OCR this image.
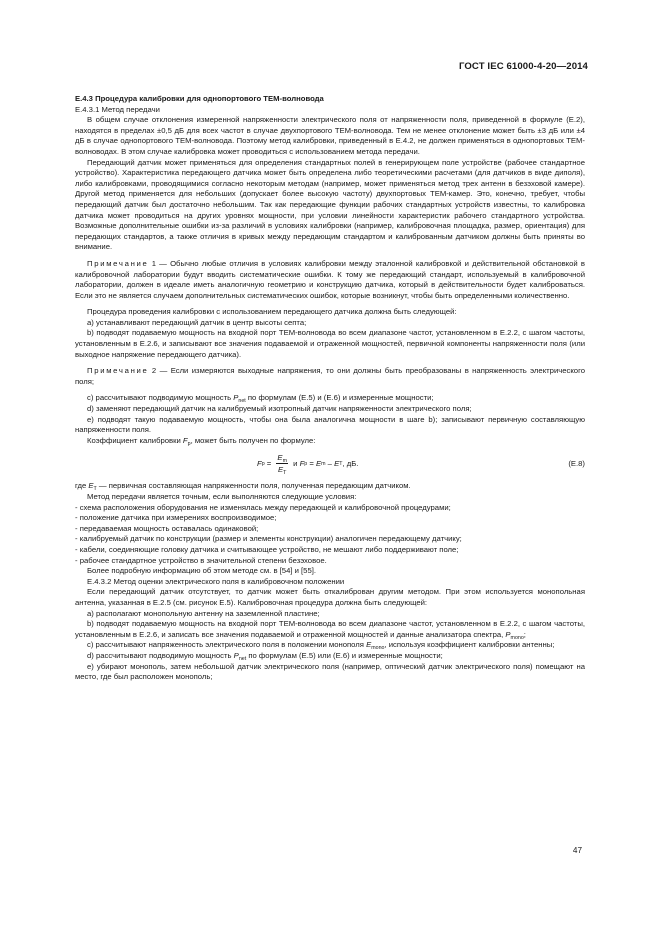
ГОСТ IEC 61000-4-20—2014

Е.4.3 Процедура калибровки для однопортового ТЕМ-волновода

Е.4.3.1 Метод передачи

В общем случае отклонения измеренной напряженности электрического поля от напряженности поля, приведенной в формуле (Е.2), находятся в пределах ±0,5 дБ для всех частот в случае двухпортового ТЕМ-волновода. Тем не менее отклонение может быть ±3 дБ или ±4 дБ в случае однопортового ТЕМ-волновода. Поэтому метод калибровки, приведенный в Е.4.2, не должен применяться в однопортовых ТЕМ-волноводах. В этом случае калибровка может проводиться с использованием метода передачи.

Передающий датчик может применяться для определения стандартных полей в генерирующем поле устройстве (рабочее стандартное устройство). Характеристика передающего датчика может быть определена либо теоретическими расчетами (для датчиков в виде диполя), либо калибровками, проводящимися согласно некоторым методам (например, может применяться метод трех антенн в безэховой камере). Другой метод применяется для небольших (допускает более высокую частоту) двухпортовых ТЕМ-камер. Это, конечно, требует, чтобы передающий датчик был достаточно небольшим. Так как передающие функции рабочих стандартных устройств известны, то калибровка датчика может проводиться на других уровнях мощности, при условии линейности характеристик рабочего стандартного устройства. Возможные дополнительные ошибки из-за различий в условиях калибровки (например, калибровочная площадка, размер, ориентация) для передающих стандартов, а также отличия в кривых между передающим стандартом и калиброванным датчиком должны быть приняты во внимание.

Примечание 1 — Обычно любые отличия в условиях калибровки между эталонной калибровкой и действительной обстановкой в калибровочной лаборатории будут вводить систематические ошибки. К тому же передающий стандарт, используемый в калибровочной лаборатории, должен в идеале иметь аналогичную геометрию и конструкцию датчика, который в действительности будет калиброваться. Если это не является случаем дополнительных систематических ошибок, которые возникнут, чтобы быть определенными количественно.

Процедура проведения калибровки с использованием передающего датчика должна быть следующей:

а) устанавливают передающий датчик в центр высоты септа;

b) подводят подаваемую мощность на входной порт ТЕМ-волновода во всем диапазоне частот, установленном в Е.2.2, с шагом частоты, установленным в Е.2.6, и записывают все значения подаваемой и отраженной мощностей, первичной компоненты напряженности поля (или выходное напряжение передающего датчика).

Примечание 2 — Если измеряются выходные напряжения, то они должны быть преобразованы в напряженность электрического поля;

с) рассчитывают подводимую мощность $P_{net}$ по формулам (Е.5) и (Е.6) и измеренные мощности;

d) заменяют передающий датчик на калибруемый изотропный датчик напряженности электрического поля;

е) подводят такую подаваемую мощность, чтобы она была аналогична мощности в шаге b); записывают первичную составляющую напряженности поля.

Коэффициент калибровки $F_p$, может быть получен по формуле:

F $p = \frac{E_m}{E_T}$ и F p = E m – E T , дБ.	(Е.8)

где $E_T$ — первичная составляющая напряженности поля, полученная передающим датчиком.

Метод передачи является точным, если выполняются следующие условия:

- схема расположения оборудования не изменялась между передающей и калибровочной процедурами;

- положение датчика при измерениях воспроизводимое;

- передаваемая мощность оставалась одинаковой;

- калибруемый датчик по конструкции (размер и элементы конструкции) аналогичен передающему датчику;

- кабели, соединяющие головку датчика и считывающее устройство, не мешают либо поддерживают поле;

- рабочее стандартное устройство в значительной степени безэховое.

Более подробную информацию об этом методе см. в [54] и [55].

Е.4.3.2 Метод оценки электрического поля в калибровочном положении

Если передающий датчик отсутствует, то датчик может быть откалиброван другим методом. При этом используется монопольная антенна, указанная в Е.2.5 (см. рисунок Е.5). Калибровочная процедура должна быть следующей:

а) располагают монопольную антенну на заземленной пластине;

b) подводят подаваемую мощность на входной порт ТЕМ-волновода во всем диапазоне частот, установленном в Е.2.2, с шагом частоты, установленным в Е.2.6, и записать все значения подаваемой и отраженной мощностей и данные анализатора спектра, $P_{mono}$;

с) рассчитывают напряженность электрического поля в положении монополя $E_{mono}$, используя коэффициент калибровки антенны;

d) рассчитывают подводимую мощность $P_{net}$ по формулам (Е.5) или (Е.6) и измеренные мощности;

е) убирают монополь, затем небольшой датчик электрического поля (например, оптический датчик электрического поля) помещают на место, где был расположен монополь;

47
